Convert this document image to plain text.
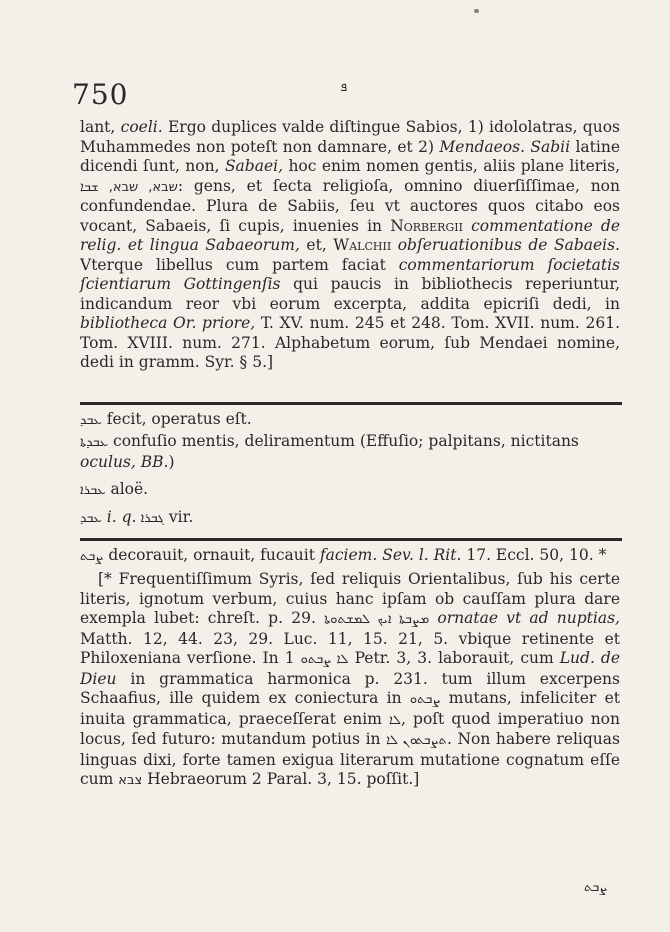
750	ܦ
lant, coeli. Ergo duplices valde diſtingue Sabios, 1) idololatras, quos Muhammedes non poteſt non damnare, et 2) Mendaeos. Sabii latine dicendi ſunt, non, Sabaei, hoc enim nomen gentis, aliis plane literis, שבא, שבא, ܫܒܐ: gens, et ſecta religioſa, omnino diuerſiſſimae, non confundendae. Plura de Sabiis, ſeu vt auctores quos citabo eos vocant, Sabaeis, ſi cupis, inuenies in Norbergii commentatione de relig. et lingua Sabaeorum, et, Walchii obſeruationibus de Sabaeis. Vterque libellus cum partem faciat commentariorum ſocietatis ſcientiarum Gottingenſis qui paucis in bibliothecis reperiuntur, indicandum reor vbi eorum excerpta, addita epicriſi dedi, in bibliotheca Or. priore, T. XV. num. 245 et 248. Tom. XVII. num. 261. Tom. XVIII. num. 271. Alphabetum eorum, ſub Mendaei nomine, dedi in gramm. Syr. § 5.]
ܥܒܕ fecit, operatus eſt.
ܥܒܕܬܐ confuſio mentis, deliramentum (Effuſio; palpitans, nictitans oculus, BB.)
ܥܒܪܐ aloë.
ܥܒܕ i. q. ܓܒܪܐ vir.
ܨܒܬ decorauit, ornauit, fucauit faciem. Sev. l. Rit. 17. Eccl. 50, 10. *
[* Frequentiſſimum Syris, ſed reliquis Orientalibus, ſub his certe literis, ignotum verbum, cuius hanc ipſam ob cauſſam plura dare exempla lubet: chreſt. p. 29. ܡܨܒܬܐ ܐܝܟ ܠܡܫܬܘܬܐ ornatae vt ad nuptias, Matth. 12, 44. 23, 29. Luc. 11, 15. 21, 5. vbique retinente et Philoxeniana verſione. In ܠܐ ܨܒܬܘ 1 Petr. 3, 3. laborauit, cum Lud. de Dieu in grammatica harmonica p. 231. tum illum excerpens Schaafius, ille quidem ex coniectura in ܨܒܬܘ mutans, infeliciter et inuita grammatica, praeceſſerat enim ܠܐ, poſt quod imperatiuo non locus, ſed futuro: mutandum potius in ܬܨܒܬܘܢ ܠܐ. Non habere reliquas linguas dixi, forte tamen exigua literarum mutatione cognatum eſſe cum צבא Hebraeorum 2 Paral. 3, 15. poſſit.]
ܨܒܬ
